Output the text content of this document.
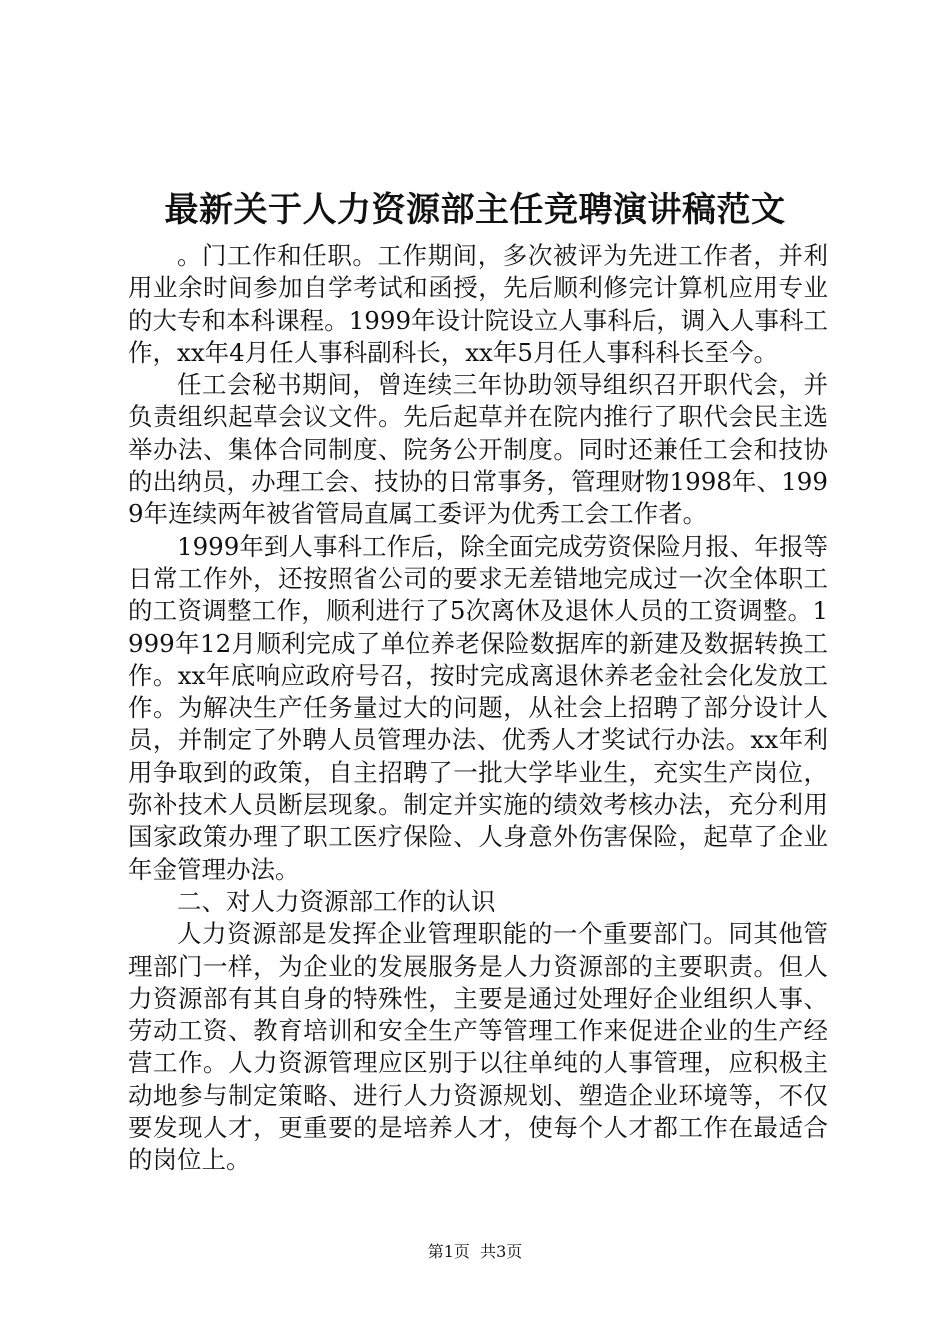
最新关于人力资源部主任竞聘演讲稿范文

。门工作和任职。工作期间，多次被评为先进工作者，并利用业余时间参加自学考试和函授，先后顺利修完计算机应用专业的大专和本科课程。1999年设计院设立人事科后，调入人事科工作，xx年4月任人事科副科长，xx年5月任人事科科长至今。

任工会秘书期间，曾连续三年协助领导组织召开职代会，并负责组织起草会议文件。先后起草并在院内推行了职代会民主选举办法、集体合同制度、院务公开制度。同时还兼任工会和技协的出纳员，办理工会、技协的日常事务，管理财物1998年、1999年连续两年被省管局直属工委评为优秀工会工作者。

1999年到人事科工作后，除全面完成劳资保险月报、年报等日常工作外，还按照省公司的要求无差错地完成过一次全体职工的工资调整工作，顺利进行了5次离休及退休人员的工资调整。1999年12月顺利完成了单位养老保险数据库的新建及数据转换工作。xx年底响应政府号召，按时完成离退休养老金社会化发放工作。为解决生产任务量过大的问题，从社会上招聘了部分设计人员，并制定了外聘人员管理办法、优秀人才奖试行办法。xx年利用争取到的政策，自主招聘了一批大学毕业生，充实生产岗位，弥补技术人员断层现象。制定并实施的绩效考核办法，充分利用国家政策办理了职工医疗保险、人身意外伤害保险，起草了企业年金管理办法。

二、对人力资源部工作的认识

人力资源部是发挥企业管理职能的一个重要部门。同其他管理部门一样，为企业的发展服务是人力资源部的主要职责。但人力资源部有其自身的特殊性，主要是通过处理好企业组织人事、劳动工资、教育培训和安全生产等管理工作来促进企业的生产经营工作。人力资源管理应区别于以往单纯的人事管理，应积极主动地参与制定策略、进行人力资源规划、塑造企业环境等，不仅要发现人才，更重要的是培养人才，使每个人才都工作在最适合的岗位上。

第1页  共3页
